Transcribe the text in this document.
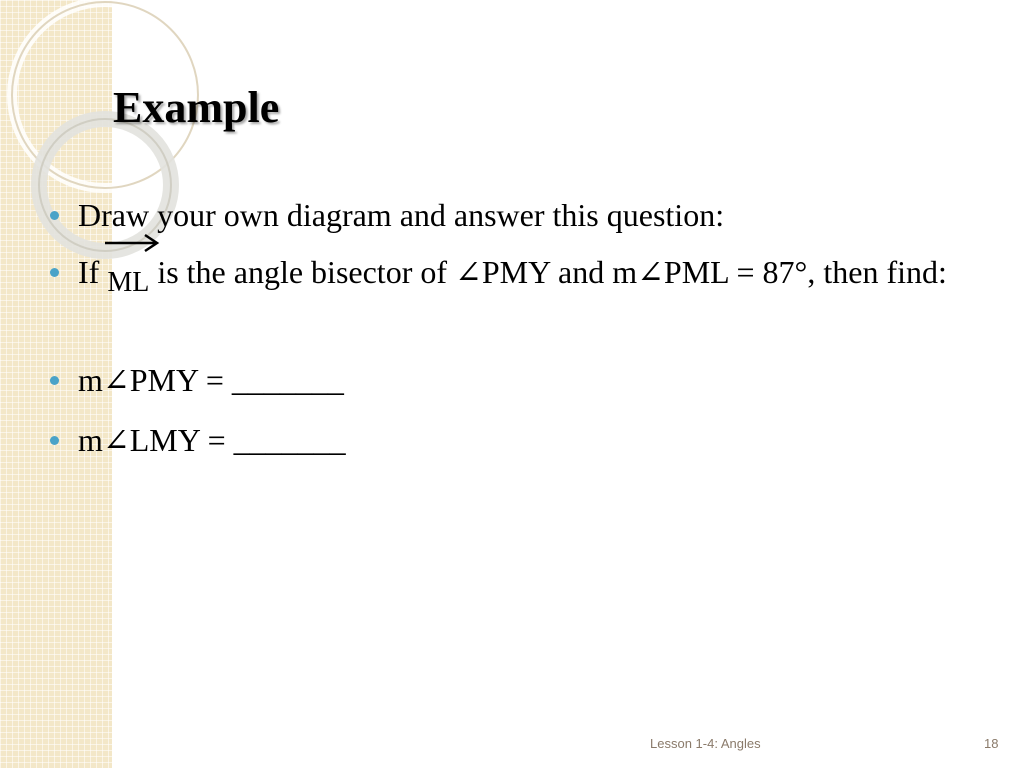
Example
Draw your own diagram and answer this question:
If ML is the angle bisector of ∠PMY and m∠PML = 87°, then find:
m∠PMY = _______
m∠LMY = _______
Lesson 1-4: Angles	18
